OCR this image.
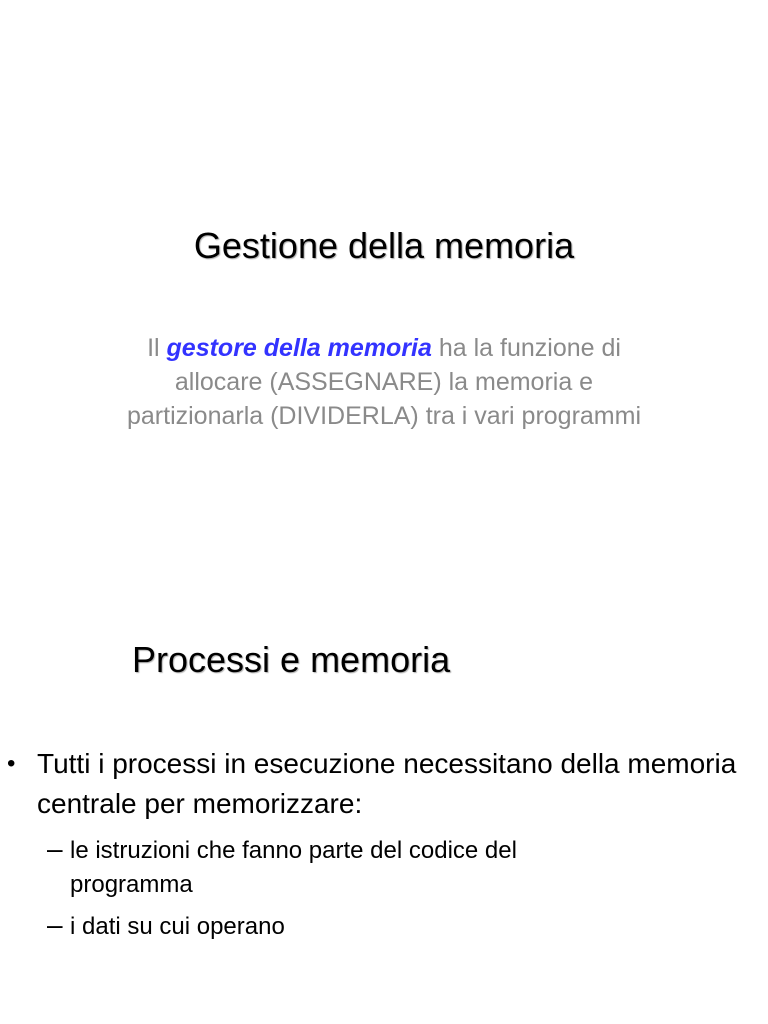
Gestione della memoria

Il gestore della memoria ha la funzione di allocare (ASSEGNARE) la memoria e partizionarla (DIVIDERLA) tra i vari programmi

Processi e memoria
• Tutti i processi in esecuzione necessitano della memoria centrale per memorizzare:
– le istruzioni che fanno parte del codice del programma
– i dati su cui operano
